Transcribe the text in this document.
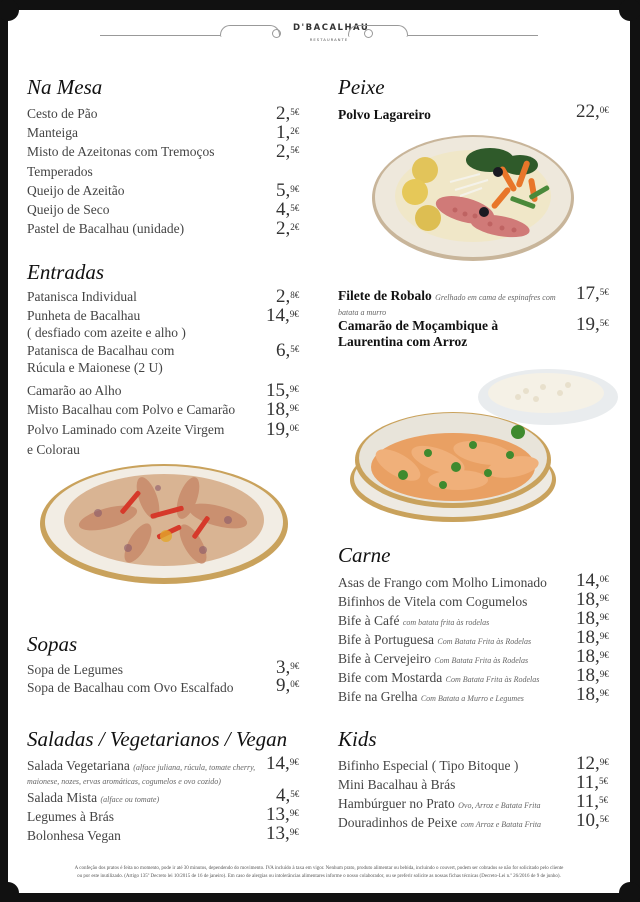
D'BACALHAU
RESTAURANTE
Na Mesa
Cesto de Pão	2,$^{5€}$
Manteiga	1,$^{2€}$
Misto de Azeitonas com Tremoços
Temperados
2,$^{5€}$
Queijo de Azeitão	5,$^{9€}$
Queijo de Seco	4,$^{5€}$
Pastel de Bacalhau (unidade)	2,$^{2€}$
Entradas
Patanisca Individual	2,$^{8€}$
Punheta de Bacalhau
( desfiado com azeite e alho )
14,$^{9€}$
Patanisca de Bacalhau com
Rúcula e Maionese (2 U)
6,$^{5€}$
Camarão ao Alho	15,$^{9€}$
Misto Bacalhau com Polvo e Camarão 18,$^{9€}$
Polvo Laminado com Azeite Virgem
e Colorau
19,$^{0€}$
Sopas
Sopa de Legumes	3,$^{9€}$
Sopa de Bacalhau com Ovo Escalfado 9,$^{0€}$
Saladas / Vegetarianos / Vegan
Salada Vegetariana (alface juliana, rúcula, tomate cherry,
maionese, nozes, ervas aromáticas, cogumelos e ovo cozido)
14,$^{9€}$
Salada Mista (alface ou tomate)	4,$^{5€}$
Legumes à Brás	13,$^{9€}$
Bolonhesa Vegan	13,$^{9€}$
Peixe
Polvo Lagareiro	22,$^{0€}$
Filete de Robalo Grelhado em cama de espinafres com
batata a murro
17,$^{5€}$
Camarão de Moçambique à
Laurentina com Arroz
19,$^{5€}$
Carne
Asas de Frango com Molho Limonado 14,$^{0€}$
Bifinhos de Vitela com Cogumelos	18,$^{9€}$
Bife à Café com batata frita às rodelas	18,$^{9€}$
Bife à Portuguesa Com Batata Frita às Rodelas 18,$^{9€}$
Bife à Cervejeiro Com Batata Frita às Rodelas	18,$^{9€}$
Bife com Mostarda Com Batata Frita às Rodelas 18,$^{9€}$
Bife na Grelha Com Batata a Murro e Legumes	18,$^{9€}$
Kids
Bifinho Especial ( Tipo Bitoque )	12,$^{9€}$
Mini Bacalhau à Brás	11,$^{5€}$
Hambúrguer no Prato Ovo, Arroz e Batata Frita 11,$^{5€}$
Douradinhos de Peixe com Arroz e Batata Frita 10,$^{5€}$
A confeção dos pratos é feita no momento, pode ir até 30 minutos, dependendo do movimento. IVA incluído à taxa em vigor. Nenhum prato, produto alimentar ou bebida, incluindo o couvert, podem ser cobrados se não for solicitado pelo cliente
ou por este inutilizado. (Artigo 135º Decreto lei 10/2015 de 16 de janeiro). Em caso de alergias ou intolerâncias alimentares informe o nosso colaborador, ou se preferir solicite as nossas fichas técnicas (Decreto-Lei n.º 26/2016 de 9 de junho).
